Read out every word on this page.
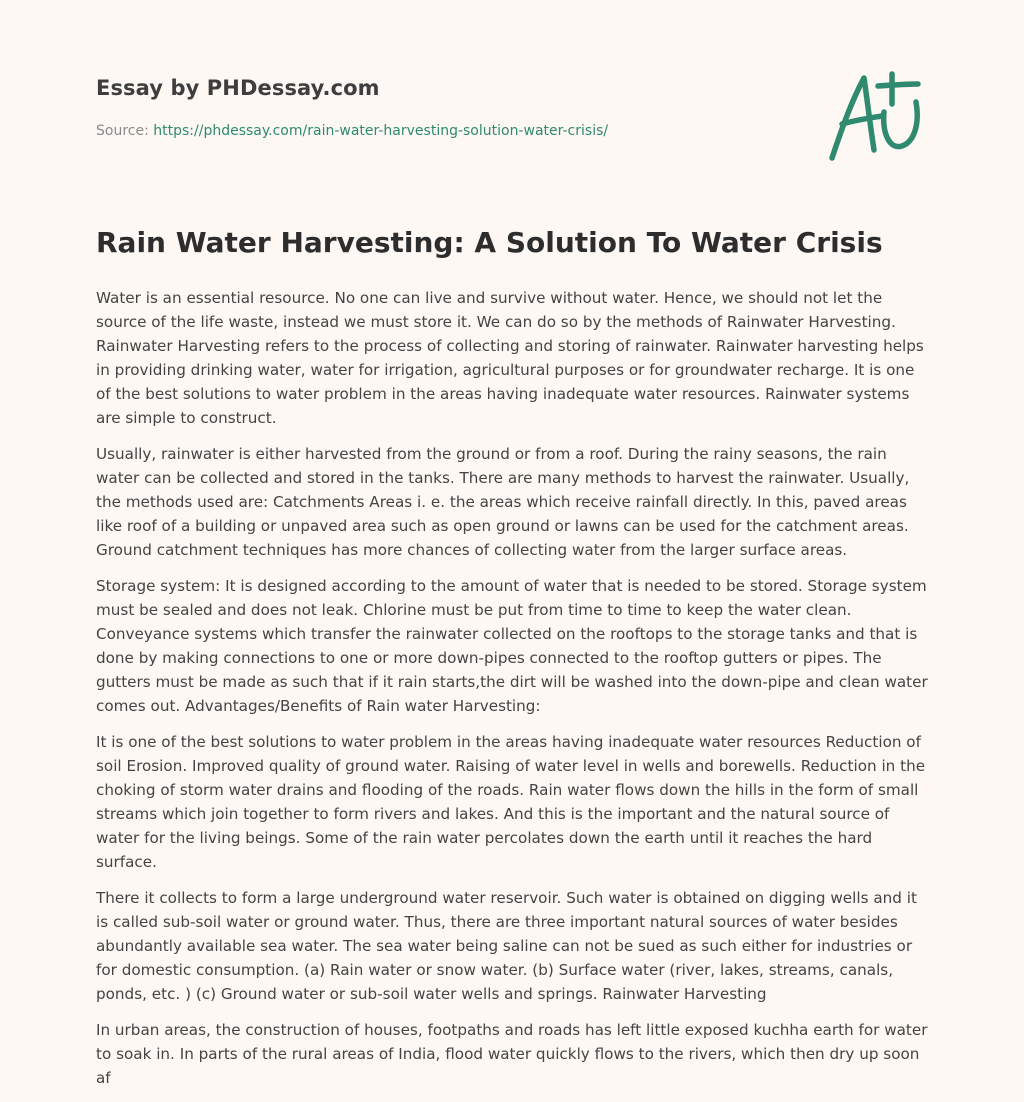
Essay by PHDessay.com
Source: https://phdessay.com/rain-water-harvesting-solution-water-crisis/
Rain Water Harvesting: A Solution To Water Crisis

Water is an essential resource. No one can live and survive without water. Hence, we should not let the source of the life waste, instead we must store it. We can do so by the methods of Rainwater Harvesting. Rainwater Harvesting refers to the process of collecting and storing of rainwater. Rainwater harvesting helps in providing drinking water, water for irrigation, agricultural purposes or for groundwater recharge. It is one of the best solutions to water problem in the areas having inadequate water resources. Rainwater systems are simple to construct.

Usually, rainwater is either harvested from the ground or from a roof. During the rainy seasons, the rain water can be collected and stored in the tanks. There are many methods to harvest the rainwater. Usually, the methods used are: Catchments Areas i. e. the areas which receive rainfall directly. In this, paved areas like roof of a building or unpaved area such as open ground or lawns can be used for the catchment areas. Ground catchment techniques has more chances of collecting water from the larger surface areas.

Storage system: It is designed according to the amount of water that is needed to be stored. Storage system must be sealed and does not leak. Chlorine must be put from time to time to keep the water clean. Conveyance systems which transfer the rainwater collected on the rooftops to the storage tanks and that is done by making connections to one or more down-pipes connected to the rooftop gutters or pipes. The gutters must be made as such that if it rain starts,the dirt will be washed into the down-pipe and clean water comes out. Advantages/Benefits of Rain water Harvesting:

It is one of the best solutions to water problem in the areas having inadequate water resources Reduction of soil Erosion. Improved quality of ground water. Raising of water level in wells and borewells. Reduction in the choking of storm water drains and flooding of the roads. Rain water flows down the hills in the form of small streams which join together to form rivers and lakes. And this is the important and the natural source of water for the living beings. Some of the rain water percolates down the earth until it reaches the hard surface.

There it collects to form a large underground water reservoir. Such water is obtained on digging wells and it is called sub-soil water or ground water. Thus, there are three important natural sources of water besides abundantly available sea water. The sea water being saline can not be sued as such either for industries or for domestic consumption. (a) Rain water or snow water. (b) Surface water (river, lakes, streams, canals, ponds, etc. ) (c) Ground water or sub-soil water wells and springs. Rainwater Harvesting

In urban areas, the construction of houses, footpaths and roads has left little exposed kuchha earth for water to soak in. In parts of the rural areas of India, flood water quickly flows to the rivers, which then dry up soon af
